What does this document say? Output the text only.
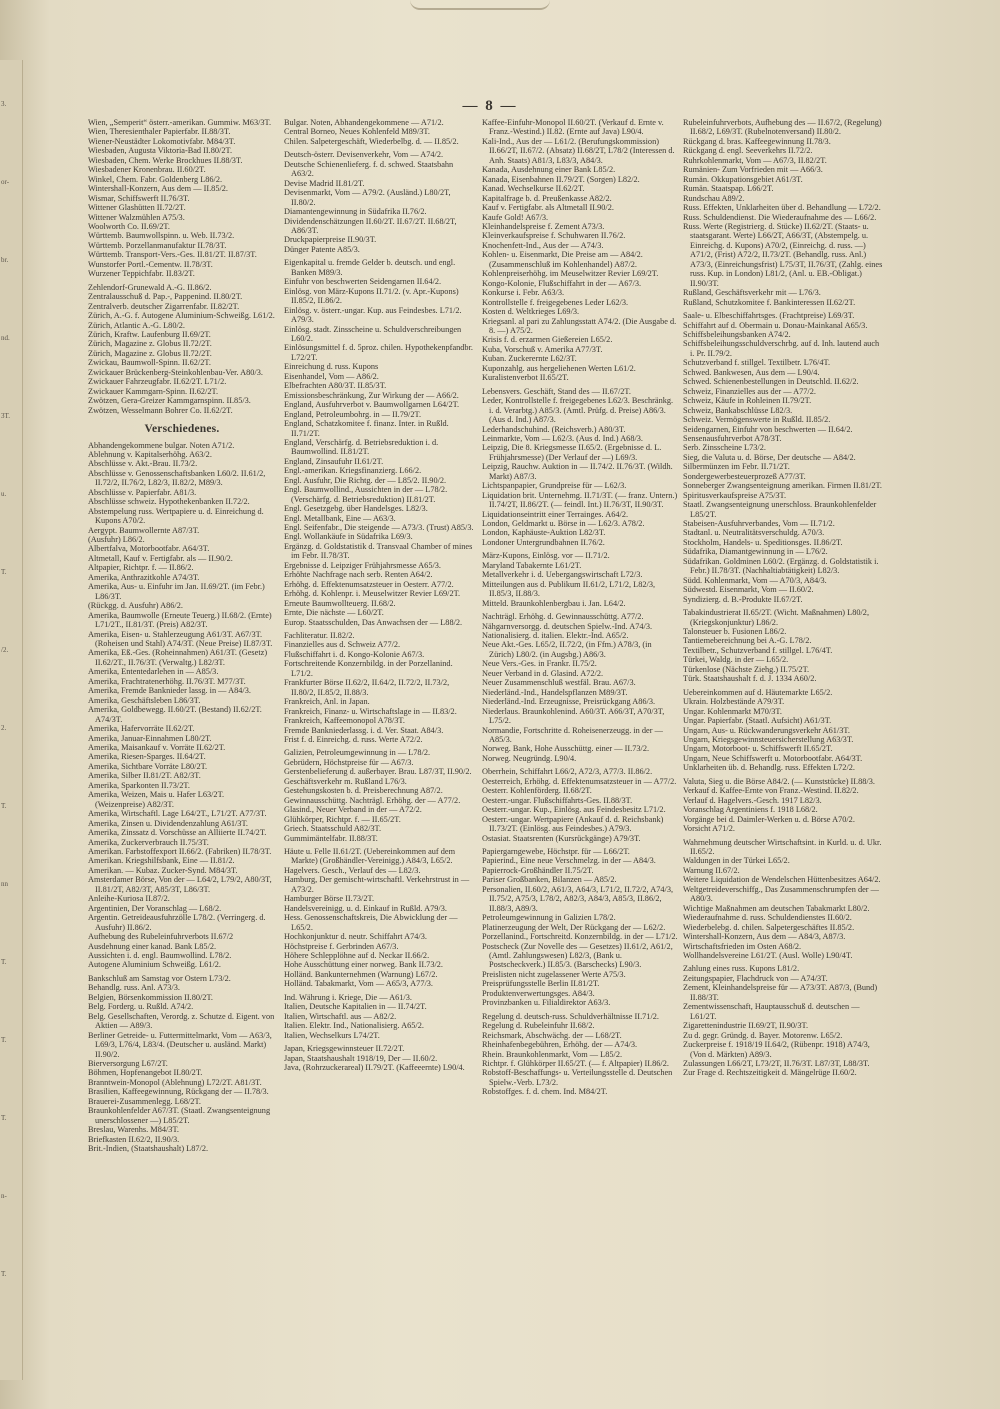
3.
or-
br.
nd.
3T.
u.
T.
/2.
2.
T.
nn
T.
T.
T.
n-
T.
— 8 —
Wien, „Semperit“ österr.-amerikan. Gummiw. M63/3T.
Wien, Theresienthaler Papierfabr. II.88/3T.
Wiener-Neustädter Lokomotivfabr. M84/3T.
Wiesbaden, Augusta Viktoria-Bad II.80/2T.
Wiesbaden, Chem. Werke Brockhues II.88/3T.
Wiesbadener Kronenbrau. II.60/2T.
Winkel, Chem. Fabr. Goldenberg L86/2.
Wintershall-Konzern, Aus dem — II.85/2.
Wismar, Schiffswerft II.76/3T.
Wittener Glashütten II.72/2T.
Wittener Walzmühlen A75/3.
Woolworth Co. II.69/2T.
Württemb. Baumwollspinn. u. Web. II.73/2.
Württemb. Porzellanmanufaktur II.78/3T.
Württemb. Transport-Vers.-Ges. II.81/2T. II.87/3T.
Wunstorfer Portl.-Cementw. II.78/3T.
Wurzener Teppichfabr. II.83/2T.
Zehlendorf-Grunewald A.-G. II.86/2.
Zentralausschuß d. Pap.-, Pappenind. II.80/2T.
Zentralverb. deutscher Zigarrenfabr. II.82/2T.
Zürich, A.-G. f. Autogene Aluminium-Schweißg. L61/2.
Zürich, Atlantic A.-G. L80/2.
Zürich, Kraftw. Laufenburg II.69/2T.
Zürich, Magazine z. Globus II.72/2T.
Zürich, Magazine z. Globus II.72/2T.
Zwickau, Baumwoll-Spinn. II.62/2T.
Zwickauer Brückenberg-Steinkohlenbau-Ver. A80/3.
Zwickauer Fahrzeugfabr. II.62/2T. L71/2.
Zwickauer Kammgarn-Spinn. II.62/2T.
Zwötzen, Gera-Greizer Kammgarnspinn. II.85/3.
Zwötzen, Wesselmann Bohrer Co. II.62/2T.
Verschiedenes.
Abhandengekommene bulgar. Noten A71/2.
Ablehnung v. Kapitalserhöhg. A63/2.
Abschlüsse v. Akt.-Brau. II.73/2.
Abschlüsse v. Genossenschaftsbanken L60/2. II.61/2, II.72/2, II.76/2, L82/3, II.82/2, M89/3.
Abschlüsse v. Papierfabr. A81/3.
Abschlüsse schweiz. Hypothekenbanken II.72/2.
Abstempelung russ. Wertpapiere u. d. Einreichung d. Kupons A70/2.
Aergypt. Baumwollernte A87/3T.
(Ausfuhr) L86/2.
Albertfalva, Motorbootfabr. A64/3T.
Altmetall, Kauf v. Fertigfabr. als — II.90/2.
Altpapier, Richtpr. f. — II.86/2.
Amerika, Anthrazitkohle A74/3T.
Amerika, Aus- u. Einfuhr im Jan. II.69/2T. (im Febr.) L86/3T.
(Rückgg. d. Ausfuhr) A86/2.
Amerika, Baumwolle (Erneute Teuerg.) II.68/2. (Ernte) L71/2T., II.81/3T. (Preis) A82/3T.
Amerika, Eisen- u. Stahlerzeugung A61/3T. A67/3T. (Roheisen und Stahl) A74/3T. (Neue Preise) II.87/3T.
Amerika, Eß.-Ges. (Roheinnahmen) A61/3T. (Gesetz) II.62/2T., II.76/3T. (Verwaltg.) L82/3T.
Amerika, Ententedarlehen in — A85/3.
Amerika, Frachtratenerhöhg. II.76/3T. M77/3T.
Amerika, Fremde Banknieder lassg. in — A84/3.
Amerika, Geschäftsleben L86/3T.
Amerika, Goldbewegg. II.60/2T. (Bestand) II.62/2T. A74/3T.
Amerika, Hafervorräte II.62/2T.
Amerika, Januar-Einnahmen L80/2T.
Amerika, Maisankauf v. Vorräte II.62/2T.
Amerika, Riesen-Sparges. II.64/2T.
Amerika, Sichtbare Vorräte L80/2T.
Amerika, Silber II.81/2T. A82/3T.
Amerika, Sparkonten II.73/2T.
Amerika, Weizen, Mais u. Hafer L63/2T. (Weizenpreise) A82/3T.
Amerika, Wirtschaftl. Lage L64/2T., L71/2T. A77/3T.
Amerika, Zinsen u. Dividendenzahlung A61/3T.
Amerika, Zinssatz d. Vorschüsse an Alliierte II.74/2T.
Amerika, Zuckerverbrauch II.75/3T.
Amerikan. Farbstoffexport II.66/2. (Fabriken) II.78/3T.
Amerikan. Kriegshilfsbank, Eine — II.81/2.
Amerikan. — Kubaz. Zucker-Synd. M84/3T.
Amsterdamer Börse, Von der — L64/2, L79/2, A80/3T, II.81/2T, A82/3T, A85/3T, L86/3T.
Anleihe-Kuriosa II.87/2.
Argentinien, Der Voranschlag — L68/2.
Argentin. Getreideausfuhrzölle L78/2. (Verringerg. d. Ausfuhr) II.86/2.
Aufhebung des Rubeleinfuhrverbots II.67/2
Ausdehnung einer kanad. Bank L85/2.
Aussichten i. d. engl. Baumwollind. L78/2.
Autogene Aluminium Schweißg. L61/2.
Bankschluß am Samstag vor Ostern L73/2.
Behandlg. russ. Anl. A73/3.
Belgien, Börsenkommission II.80/2T.
Belg. Forderg. u. Rußld. A74/2.
Belg. Gesellschaften, Verordg. z. Schutze d. Eigent. von Aktien — A89/3.
Berliner Getreide- u. Futtermittelmarkt, Vom — A63/3, L69/3, L76/4, L83/4. (Deutscher u. ausländ. Markt) II.90/2.
Bierversorgung L67/2T.
Böhmen, Hopfenangebot II.80/2T.
Branntwein-Monopol (Ablehnung) L72/2T. A81/3T.
Brasilien, Kaffeegewinnung, Rückgang der — II.78/3.
Brauerei-Zusammenlegg. L68/2T.
Braunkohlenfelder A67/3T. (Staatl. Zwangsenteignung unerschlossener —) L85/2T.
Breslau, Warenhs. M84/3T.
Briefkasten II.62/2, II.90/3.
Brit.-Indien, (Staatshaushalt) L87/2.
Bulgar. Noten, Abhandengekommene — A71/2.
Central Borneo, Neues Kohlenfeld M89/3T.
Chilen. Salpetergeschäft, Wiederbelbg. d. — II.85/2.
Deutsch-österr. Devisenverkehr, Vom — A74/2.
Deutsche Schienenlieferg. f. d. schwed. Staatsbahn A63/2.
Devise Madrid II.81/2T.
Devisenmarkt, Vom — A79/2. (Ausländ.) L80/2T, II.80/2.
Diamantengewinnung in Südafrika II.76/2.
Dividendenschätzungen II.60/2T. II.67/2T. II.68/2T, A86/3T.
Druckpapierpreise II.90/3T.
Dünger Patente A85/3.
Eigenkapital u. fremde Gelder b. deutsch. und engl. Banken M89/3.
Einfuhr von beschwerten Seidengarnen II.64/2.
Einlösg. von März-Kupons II.71/2. (v. Apr.-Kupons) II.85/2, II.86/2.
Einlösg. v. österr.-ungar. Kup. aus Feindesbes. L71/2. A79/3.
Einlösg. stadt. Zinsscheine u. Schuldverschreibungen L60/2.
Einlösungsmittel f. d. 5proz. chilen. Hypothekenpfandbr. L72/2T.
Einreichung d. russ. Kupons
Eisenhandel, Vom — A86/2.
Elbefrachten A80/3T. II.85/3T.
Emissionsbeschränkung, Zur Wirkung der — A66/2.
England, Ausfuhrverbot v. Baumwollgarnen L64/2T.
England, Petroleumbohrg. in — II.79/2T.
England, Schatzkomitee f. finanz. Inter. in Rußld. II.71/2T.
England, Verschärfg. d. Betriebsreduktion i. d. Baumwollind. II.81/2T.
England, Zinsaufuhr II.61/2T.
Engl.-amerikan. Kriegsfinanzierg. L66/2.
Engl. Ausfuhr, Die Richtg. der — L85/2. II.90/2.
Engl. Baumwollind., Aussichten in der — L78/2. (Verschärfg. d. Betriebsreduktion) II.81/2T.
Engl. Gesetzgebg. über Handelsges. L82/3.
Engl. Metallbank, Eine — A63/3.
Engl. Seifenfabr., Die steigende — A73/3. (Trust) A85/3.
Engl. Wollankäufe in Südafrika L69/3.
Ergänzg. d. Goldstatistik d. Transvaal Chamber of mines im Febr. II.78/3T.
Ergebnisse d. Leipziger Frühjahrsmesse A65/3.
Erhöhte Nachfrage nach serb. Renten A64/2.
Erhöhg. d. Effektenumsatzsteuer in Oesterr. A77/2.
Erhöhg. d. Kohlenpr. i. Meuselwitzer Revier L69/2T.
Erneute Baumwollteuerg. II.68/2.
Ernte, Die nächste — L60/2T.
Europ. Staatsschulden, Das Anwachsen der — L88/2.
Fachliteratur. II.82/2.
Finanzielles aus d. Schweiz A77/2.
Flußschiffahrt i. d. Kongo-Kolonie A67/3.
Fortschreitende Konzernbildg. in der Porzellanind. L71/2.
Frankfurter Börse II.62/2, II.64/2, II.72/2, II.73/2, II.80/2, II.85/2, II.88/3.
Frankreich, Anl. in Japan.
Frankreich, Finanz- u. Wirtschaftslage in — II.83/2.
Frankreich, Kaffeemonopol A78/3T.
Fremde Bankniederlassg. i. d. Ver. Staat. A84/3.
Frist f. d. Einreichg. d. russ. Werte A72/2.
Galizien, Petroleumgewinnung in — L78/2.
Gebrüdern, Höchstpreise für — A67/3.
Gerstenbelieferung d. außerbayer. Brau. L87/3T, II.90/2.
Geschäftsverkehr m. Rußland L76/3.
Gestehungskosten b. d. Preisberechnung A87/2.
Gewinnausschüttg. Nachträgl. Erhöhg. der — A77/2.
Glasind., Neuer Verband in der — A72/2.
Glühkörper, Richtpr. f. — II.65/2T.
Griech. Staatsschuld A82/3T.
Gummimäntelfabr. II.88/3T.
Häute u. Felle II.61/2T. (Uebereinkommen auf dem Markte) (Großhändler-Vereinigg.) A84/3, L65/2.
Hagelvers. Gesch., Verlauf des — L82/3.
Hamburg, Der gemischt-wirtschaftl. Verkehrstrust in — A73/2.
Hamburger Börse II.73/2T.
Handelsvereinigg. u. d. Einkauf in Rußld. A79/3.
Hess. Genossenschaftskreis, Die Abwicklung der — L65/2.
Hochkonjunktur d. neutr. Schiffahrt A74/3.
Höchstpreise f. Gerbrinden A67/3.
Höhere Schlepplöhne auf d. Neckar II.66/2.
Hohe Ausschüttung einer norweg. Bank II.73/2.
Holländ. Bankunternehmen (Warnung) L67/2.
Holländ. Tabakmarkt, Vom — A65/3, A77/3.
Ind. Währung i. Kriege, Die — A61/3.
Italien, Deutsche Kapitalien in — II.74/2T.
Italien, Wirtschaftl. aus — A82/2.
Italien. Elektr. Ind., Nationalisierg. A65/2.
Italien, Wechselkurs L74/2T.
Japan, Kriegsgewinnsteuer II.72/2T.
Japan, Staatshaushalt 1918/19, Der — II.60/2.
Java, (Rohrzuckerareal) II.79/2T. (Kaffeeernte) L90/4.
Kaffee-Einfuhr-Monopol II.60/2T. (Verkauf d. Ernte v. Franz.-Westind.) II.82. (Ernte auf Java) L90/4.
Kali-Ind., Aus der — L61/2. (Berufungskommission) II.66/2T, II.67/2. (Absatz) II.68/2T, L78/2 (Interessen d. Anh. Staats) A81/3, L83/3, A84/3.
Kanada, Ausdehnung einer Bank L85/2.
Kanada, Eisenbahnen II.79/2T. (Sorgen) L82/2.
Kanad. Wechselkurse II.62/2T.
Kapitalfrage b. d. Preußenkasse A82/2.
Kauf v. Fertigfabr. als Altmetall II.90/2.
Kaufe Gold! A67/3.
Kleinhandelspreise f. Zement A73/3.
Kleinverkaufspreise f. Schuhwaren II.76/2.
Knochenfett-Ind., Aus der — A74/3.
Kohlen- u. Eisenmarkt, Die Preise am — A84/2. (Zusammenschluß im Kohlenhandel) A87/2.
Kohlenpreiserhöhg. im Meuselwitzer Revier L69/2T.
Kongo-Kolonie, Flußschiffahrt in der — A67/3.
Konkurse i. Febr. A63/3.
Kontrollstelle f. freigegebenes Leder L62/3.
Kosten d. Weltkrieges L69/3.
Kriegsanl. al pari zu Zahlungsstatt A74/2. (Die Ausgabe d. 8. —) A75/2.
Krisis f. d. erzarmen Gießereien L65/2.
Kuba, Vorschuß v. Amerika A77/3T.
Kuban. Zuckerernte L62/3T.
Kuponzahlg. aus hergeliehenen Werten L61/2.
Kuralistenverbot II.65/2T.
Lebensvers. Geschäft, Stand des — II.67/2T.
Leder, Kontrollstelle f. freigegebenes L62/3. Beschränkg. i. d. Verarbtg.) A85/3. (Amtl. Prüfg. d. Preise) A86/3. (Aus d. Ind.) A87/3.
Lederhandschuhind. (Reichsverb.) A80/3T.
Leinmarkte, Vom — L62/3. (Aus d. Ind.) A68/3.
Leipzig, Die 8. Kriegsmesse II.65/2. (Ergebnisse d. L. Frühjahrsmesse) (Der Verlauf der —) L69/3.
Leipzig, Rauchw. Auktion in — II.74/2. II.76/3T. (Wildh. Markt) A87/3.
Lichtspanpapier, Grundpreise für — L62/3.
Liquidation brit. Unternehmg. II.71/3T. (— franz. Untern.) II.74/2T, II.86/2T. (— feindl. Int.) II.76/3T, II.90/3T.
Liquidationseintritt einer Terrainges. A64/2.
London, Geldmarkt u. Börse in — L62/3. A78/2.
London, Kaphäuste-Auktion L82/3T.
Londoner Untergrundbahnen II.76/2.
März-Kupons, Einlösg. vor — II.71/2.
Maryland Tabakernte L61/2T.
Metallverkehr i. d. Uebergangswirtschaft L72/3.
Mitteilungen aus d. Publikum II.61/2, L71/2, L82/3, II.85/3, II.88/3.
Mitteld. Braunkohlenbergbau i. Jan. L64/2.
Nachträgl. Erhöhg. d. Gewinnausschüttg. A77/2.
Nähgarnversorgg. d. deutschen Spielw.-Ind. A74/3.
Nationalisierg. d. italien. Elektr.-Ind. A65/2.
Neue Akt.-Ges. L65/2, II.72/2, (in Ffm.) A78/3, (in Zürich) L80/2. (in Augsbg.) A86/3.
Neue Vers.-Ges. in Frankr. II.75/2.
Neuer Verband in d. Glasind. A72/2.
Neuer Zusammenschluß westfäl. Brau. A67/3.
Niederländ.-Ind., Handelspflanzen M89/3T.
Niederländ.-Ind. Erzeugnisse, Preisrückgang A86/3.
Niederlaus. Braunkohlenind. A60/3T. A66/3T, A70/3T, L75/2.
Normandie, Fortschritte d. Roheisenerzeugg. in der — A85/3.
Norweg. Bank, Hohe Ausschüttg. einer — II.73/2.
Norweg. Neugründg. L90/4.
Oberrhein, Schiffahrt L66/2, A72/3, A77/3. II.86/2.
Oesterreich, Erhöhg. d. Effektenumsatzsteuer in — A77/2.
Oesterr. Kohlenförderg. II.68/2T.
Oesterr.-ungar. Flußschiffahrts-Ges. II.88/3T.
Oesterr.-ungar. Kup., Einlösg. aus Feindesbesitz L71/2.
Oesterr.-ungar. Wertpapiere (Ankauf d. d. Reichsbank) II.73/2T. (Einlösg. aus Feindesbes.) A79/3.
Ostasiat. Staatsrenten (Kursrückgänge) A79/3T.
Papiergarngewebe, Höchstpr. für — L66/2T.
Papierind., Eine neue Verschmelzg. in der — A84/3.
Papierrock-Großhändler II.75/2T.
Pariser Großbanken, Bilanzen — A85/2.
Personalien, II.60/2, A61/3, A64/3, L71/2, II.72/2, A74/3, II.75/2, A75/3, L78/2, A82/3, A84/3, A85/3, II.86/2, II.88/3, A89/3.
Petroleumgewinnung in Galizien L78/2.
Platinerzeugung der Welt, Der Rückgang der — L62/2.
Porzellanind., Fortschreitd. Konzernbildg. in der — L71/2.
Postscheck (Zur Novelle des — Gesetzes) II.61/2, A61/2, (Amtl. Zahlungswesen) L82/3, (Bank u. Postscheckverk.) II.85/3. (Barschecks) L90/3.
Preislisten nicht zugelassener Werte A75/3.
Preisprüfungsstelle Berlin II.81/2T.
Produktenverwertungsges. A84/3.
Provinzbanken u. Filialdirektor A63/3.
Regelung d. deutsch-russ. Schuldverhältnisse II.71/2.
Regelung d. Rubeleinfuhr II.68/2.
Reichsmark, Abschwächg. der — L68/2T.
Rheinhafenbegebühren, Erhöhg. der — A74/3.
Rhein. Braunkohlenmarkt, Vom — L85/2.
Richtpr. f. Glühkörper II.65/2T. (— f. Altpapier) II.86/2.
Robstoff-Beschaffungs- u. Verteilungsstelle d. Deutschen Spielw.-Verb. L73/2.
Robstoffges. f. d. chem. Ind. M84/2T.
Rubeleinfuhrverbots, Aufhebung des — II.67/2, (Regelung) II.68/2, L69/3T. (Rubelnotenversand) II.80/2.
Rückgang d. bras. Kaffeegewinnung II.78/3.
Rückgang d. engl. Seeverkehrs II.72/2.
Ruhrkohlenmarkt, Vom — A67/3, II.82/2T.
Rumänien- Zum Vorfrieden mit — A66/3.
Rumän. Okkupationsgebiet A61/3T.
Rumän. Staatspap. L66/2T.
Rundschau A89/2.
Russ. Effekten, Unklarheiten über d. Behandlung — L72/2.
Russ. Schuldendienst. Die Wiederaufnahme des — L66/2.
Russ. Werte (Registrierg. d. Stücke) II.62/2T. (Staats- u. staatsgarant. Werte) L66/2T, A66/3T, (Abstempelg. u. Einreichg. d. Kupons) A70/2, (Einreichg. d. russ. —) A71/2, (Frist) A72/2, II.73/2T. (Behandlg. russ. Anl.) A73/3, (Einreichungsfrist) L75/3T, II.76/3T, (Zahlg. eines russ. Kup. in London) L81/2, (Anl. u. EB.-Obligat.) II.90/3T.
Rußland, Geschäftsverkehr mit — L76/3.
Rußland, Schutzkomitee f. Bankinteressen II.62/2T.
Saale- u. Elbeschiffahrtsges. (Frachtpreise) L69/3T.
Schiffahrt auf d. Obermain u. Donau-Mainkanal A65/3.
Schiffsbeleihungsbanken A74/2.
Schiffsbeleihungsschuldverschrbg. auf d. Inh. lautend auch i. Pr. II.79/2.
Schutzverband f. stillgel. Textilbetr. L76/4T.
Schwed. Bankwesen, Aus dem — L90/4.
Schwed. Schienenbestellungen in Deutschld. II.62/2.
Schweiz, Finanzielles aus der — A77/2.
Schweiz, Käufe in Rohleinen II.79/2T.
Schweiz, Bankabschlüsse L82/3.
Schweiz. Vermögenswerte in Rußld. II.85/2.
Seidengarnen, Einfuhr von beschwerten — II.64/2.
Sensenausfuhrverbot A78/3T.
Serb. Zinsscheine L73/2.
Sieg, die Valuta u. d. Börse, Der deutsche — A84/2.
Silbermünzen im Febr. II.71/2T.
Sondergewerbesteuerprozeß A77/3T.
Sonneberger Zwangsenteignung amerikan. Firmen II.81/2T.
Spiritusverkaufspreise A75/3T.
Staatl. Zwangsenteignung unerschloss. Braunkohlenfelder L85/2T.
Stabeisen-Ausfuhrverbandes, Vom — II.71/2.
Stadtanl. u. Neutralitätsverschuldg. A70/3.
Stockholm, Handels- u. Speditionsges. II.86/2T.
Südafrika, Diamantgewinnung in — L76/2.
Südafrikan. Goldminen L60/2. (Ergänzg. d. Goldstatistik i. Febr.) II.78/3T. (Nachhaltiabtätigkeit) L82/3.
Südd. Kohlenmarkt, Vom — A70/3, A84/3.
Südwestd. Eisenmarkt, Vom — II.60/2.
Syndizierg. d. B.-Produkte II.67/2T.
Tabakindustrierat II.65/2T. (Wicht. Maßnahmen) L80/2, (Kriegskonjunktur) L86/2.
Talonsteuer b. Fusionen L86/2.
Tantiemebereichnung bei A.-G. L78/2.
Textilbetr., Schutzverband f. stillgel. L76/4T.
Türkei, Waldg. in der — L65/2.
Türkenlose (Nächste Ziehg.) II.75/2T.
Türk. Staatshaushalt f. d. J. 1334 A60/2.
Uebereinkommen auf d. Häutemarkte L65/2.
Ukrain. Holzbestände A79/3T.
Ungar. Kohlenmarkt M70/3T.
Ungar. Papierfabr. (Staatl. Aufsicht) A61/3T.
Ungarn, Aus- u. Rückwanderungsverkehr A61/3T.
Ungarn, Kriegsgewinnsteuersicherstellung A63/3T.
Ungarn, Motorboot- u. Schiffswerft II.65/2T.
Ungarn, Neue Schiffswerft u. Motorbootfabr. A64/3T.
Unklarheiten üb. d. Behandlg. russ. Effekten L72/2.
Valuta, Sieg u. die Börse A84/2. (— Kunststücke) II.88/3.
Verkauf d. Kaffee-Ernte von Franz.-Westind. II.82/2.
Verlauf d. Hagelvers.-Gesch. 1917 L82/3.
Voranschlag Argentiniens f. 1918 L68/2.
Vorgänge bei d. Daimler-Werken u. d. Börse A70/2.
Vorsicht A71/2.
Wahrnehmung deutscher Wirtschaftsint. in Kurld. u. d. Ukr. II.65/2.
Waldungen in der Türkei L65/2.
Warnung II.67/2.
Weitere Liquidation de Wendelschen Hüttenbesitzes A64/2.
Weltgetreideverschiffg., Das Zusammenschrumpfen der — A80/3.
Wichtige Maßnahmen am deutschen Tabakmarkt L80/2.
Wiederaufnahme d. russ. Schuldendienstes II.60/2.
Wiederbelebg. d. chilen. Salpetergeschäftes II.85/2.
Wintershall-Konzern, Aus dem — A84/3, A87/3.
Wirtschaftsfrieden im Osten A68/2.
Wollhandelsvereine L61/2T. (Ausl. Wolle) L90/4T.
Zahlung eines russ. Kupons L81/2.
Zeitungspapier, Flachdruck von — A74/3T.
Zement, Kleinhandelspreise für — A73/3T. A87/3, (Bund) II.88/3T.
Zementwissenschaft, Hauptausschuß d. deutschen — L61/2T.
Zigarettenindustrie II.69/2T, II.90/3T.
Zu d. gegr. Gründg. d. Bayer. Motorenw. L65/2.
Zuckerpreise f. 1918/19 II.64/2, (Rübenpr. 1918) A74/3, (Von d. Märkten) A89/3.
Zulassungen L66/2T, L73/2T, II.76/3T. L87/3T, L88/3T.
Zur Frage d. Rechtszeitigkeit d. Mängelrüge II.60/2.
